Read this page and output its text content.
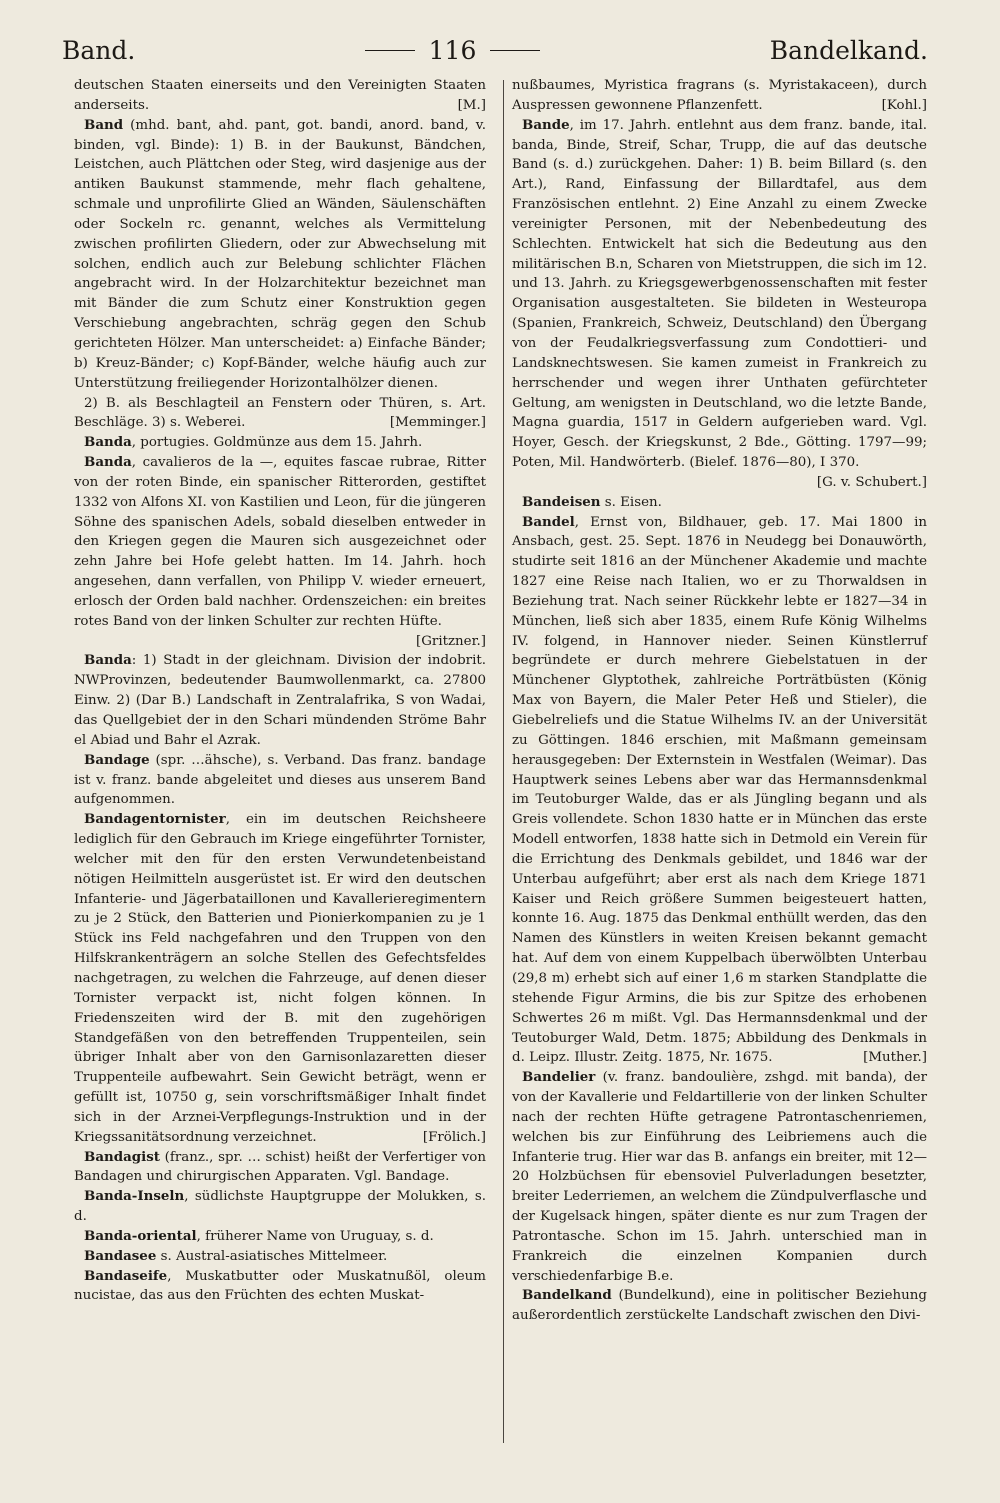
Band.	116	Bandelkand.

deutschen Staaten einerseits und den Vereinigten Staaten anderseits.	[M.]

Band (mhd. bant, ahd. pant, got. bandi, anord. band, v. binden, vgl. Binde): 1) B. in der Baukunst, Bändchen, Leistchen, auch Plättchen oder Steg, wird dasjenige aus der antiken Baukunst stammende, mehr flach gehaltene, schmale und unprofilirte Glied an Wänden, Säulenschäften oder Sockeln rc. genannt, welches als Vermittelung zwischen profilirten Gliedern, oder zur Abwechselung mit solchen, endlich auch zur Belebung schlichter Flächen angebracht wird. In der Holzarchitektur bezeichnet man mit Bänder die zum Schutz einer Konstruktion gegen Verschiebung angebrachten, schräg gegen den Schub gerichteten Hölzer. Man unterscheidet: a) Einfache Bänder; b) Kreuz-Bänder; c) Kopf-Bänder, welche häufig auch zur Unterstützung freiliegender Horizontalhölzer dienen.

2) B. als Beschlagteil an Fenstern oder Thüren, s. Art. Beschläge. 3) s. Weberei.	[Memminger.]

Banda, portugies. Goldmünze aus dem 15. Jahrh.

Banda, cavalieros de la —, equites fascae rubrae, Ritter von der roten Binde, ein spanischer Ritterorden, gestiftet 1332 von Alfons XI. von Kastilien und Leon, für die jüngeren Söhne des spanischen Adels, sobald dieselben entweder in den Kriegen gegen die Mauren sich ausgezeichnet oder zehn Jahre bei Hofe gelebt hatten. Im 14. Jahrh. hoch angesehen, dann verfallen, von Philipp V. wieder erneuert, erlosch der Orden bald nachher. Ordenszeichen: ein breites rotes Band von der linken Schulter zur rechten Hüfte.
[Gritzner.]

Banda: 1) Stadt in der gleichnam. Division der indobrit. NWProvinzen, bedeutender Baumwollenmarkt, ca. 27800 Einw. 2) (Dar B.) Landschaft in Zentralafrika, S von Wadai, das Quellgebiet der in den Schari mündenden Ströme Bahr el Abiad und Bahr el Azrak.

Bandage (spr. …ähsche), s. Verband. Das franz. bandage ist v. franz. bande abgeleitet und dieses aus unserem Band aufgenommen.

Bandagentornister, ein im deutschen Reichsheere lediglich für den Gebrauch im Kriege eingeführter Tornister, welcher mit den für den ersten Verwundetenbeistand nötigen Heilmitteln ausgerüstet ist. Er wird den deutschen Infanterie- und Jägerbataillonen und Kavallerieregimentern zu je 2 Stück, den Batterien und Pionierkompanien zu je 1 Stück ins Feld nachgefahren und den Truppen von den Hilfskrankenträgern an solche Stellen des Gefechtsfeldes nachgetragen, zu welchen die Fahrzeuge, auf denen dieser Tornister verpackt ist, nicht folgen können. In Friedenszeiten wird der B. mit den zugehörigen Standgefäßen von den betreffenden Truppenteilen, sein übriger Inhalt aber von den Garnisonlazaretten dieser Truppenteile aufbewahrt. Sein Gewicht beträgt, wenn er gefüllt ist, 10750 g, sein vorschriftsmäßiger Inhalt findet sich in der Arznei-Verpflegungs-Instruktion und in der Kriegssanitätsordnung verzeichnet.	[Frölich.]

Bandagist (franz., spr. … schist) heißt der Verfertiger von Bandagen und chirurgischen Apparaten. Vgl. Bandage.

Banda-Inseln, südlichste Hauptgruppe der Molukken, s. d.

Banda-oriental, früherer Name von Uruguay, s. d.

Bandasee s. Austral-asiatisches Mittelmeer.

Bandaseife, Muskatbutter oder Muskatnußöl, oleum nucistae, das aus den Früchten des echten Muskat-

nußbaumes, Myristica fragrans (s. Myristakaceen), durch Auspressen gewonnene Pflanzenfett.	[Kohl.]

Bande, im 17. Jahrh. entlehnt aus dem franz. bande, ital. banda, Binde, Streif, Schar, Trupp, die auf das deutsche Band (s. d.) zurückgehen. Daher: 1) B. beim Billard (s. den Art.), Rand, Einfassung der Billardtafel, aus dem Französischen entlehnt. 2) Eine Anzahl zu einem Zwecke vereinigter Personen, mit der Nebenbedeutung des Schlechten. Entwickelt hat sich die Bedeutung aus den militärischen B.n, Scharen von Mietstruppen, die sich im 12. und 13. Jahrh. zu Kriegsgewerbgenossenschaften mit fester Organisation ausgestalteten. Sie bildeten in Westeuropa (Spanien, Frankreich, Schweiz, Deutschland) den Übergang von der Feudalkriegsverfassung zum Condottieri- und Landsknechtswesen. Sie kamen zumeist in Frankreich zu herrschender und wegen ihrer Unthaten gefürchteter Geltung, am wenigsten in Deutschland, wo die letzte Bande, Magna guardia, 1517 in Geldern aufgerieben ward. Vgl. Hoyer, Gesch. der Kriegskunst, 2 Bde., Götting. 1797—99; Poten, Mil. Handwörterb. (Bielef. 1876—80), I 370.
[G. v. Schubert.]

Bandeisen s. Eisen.

Bandel, Ernst von, Bildhauer, geb. 17. Mai 1800 in Ansbach, gest. 25. Sept. 1876 in Neudegg bei Donauwörth, studirte seit 1816 an der Münchener Akademie und machte 1827 eine Reise nach Italien, wo er zu Thorwaldsen in Beziehung trat. Nach seiner Rückkehr lebte er 1827—34 in München, ließ sich aber 1835, einem Rufe König Wilhelms IV. folgend, in Hannover nieder. Seinen Künstlerruf begründete er durch mehrere Giebelstatuen in der Münchener Glyptothek, zahlreiche Porträtbüsten (König Max von Bayern, die Maler Peter Heß und Stieler), die Giebelreliefs und die Statue Wilhelms IV. an der Universität zu Göttingen. 1846 erschien, mit Maßmann gemeinsam herausgegeben: Der Externstein in Westfalen (Weimar). Das Hauptwerk seines Lebens aber war das Hermannsdenkmal im Teutoburger Walde, das er als Jüngling begann und als Greis vollendete. Schon 1830 hatte er in München das erste Modell entworfen, 1838 hatte sich in Detmold ein Verein für die Errichtung des Denkmals gebildet, und 1846 war der Unterbau aufgeführt; aber erst als nach dem Kriege 1871 Kaiser und Reich größere Summen beigesteuert hatten, konnte 16. Aug. 1875 das Denkmal enthüllt werden, das den Namen des Künstlers in weiten Kreisen bekannt gemacht hat. Auf dem von einem Kuppelbach überwölbten Unterbau (29,8 m) erhebt sich auf einer 1,6 m starken Standplatte die stehende Figur Armins, die bis zur Spitze des erhobenen Schwertes 26 m mißt. Vgl. Das Hermannsdenkmal und der Teutoburger Wald, Detm. 1875; Abbildung des Denkmals in d. Leipz. Illustr. Zeitg. 1875, Nr. 1675.	[Muther.]

Bandelier (v. franz. bandoulière, zshgd. mit banda), der von der Kavallerie und Feldartillerie von der linken Schulter nach der rechten Hüfte getragene Patrontaschenriemen, welchen bis zur Einführung des Leibriemens auch die Infanterie trug. Hier war das B. anfangs ein breiter, mit 12—20 Holzbüchsen für ebensoviel Pulverladungen besetzter, breiter Lederriemen, an welchem die Zündpulverflasche und der Kugelsack hingen, später diente es nur zum Tragen der Patrontasche. Schon im 15. Jahrh. unterschied man in Frankreich die einzelnen Kompanien durch verschiedenfarbige B.e.

Bandelkand (Bundelkund), eine in politischer Beziehung außerordentlich zerstückelte Landschaft zwischen den Divi-
